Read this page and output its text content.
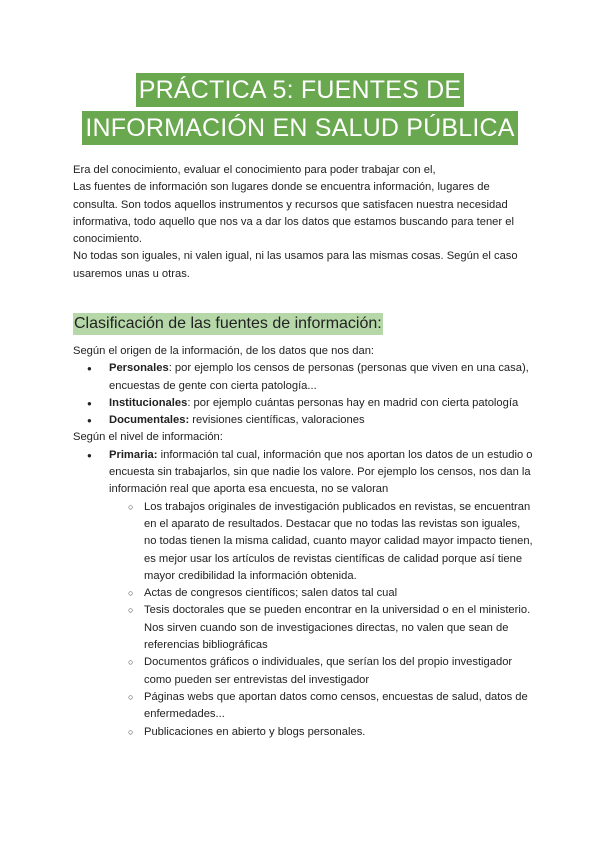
PRÁCTICA 5: FUENTES DE
INFORMACIÓN EN SALUD PÚBLICA

Era del conocimiento, evaluar el conocimiento para poder trabajar con el,

Las fuentes de información son lugares donde se encuentra información, lugares de consulta. Son todos aquellos instrumentos y recursos que satisfacen nuestra necesidad informativa, todo aquello que nos va a dar los datos que estamos buscando para tener el conocimiento.

No todas son iguales, ni valen igual, ni las usamos para las mismas cosas. Según el caso usaremos unas u otras.

Clasificación de las fuentes de información:

Según el origen de la información, de los datos que nos dan:

● Personales: por ejemplo los censos de personas (personas que viven en una casa), encuestas de gente con cierta patología...
● Institucionales: por ejemplo cuántas personas hay en madrid con cierta patología
● Documentales: revisiones científicas, valoraciones

Según el nivel de información:

● Primaria: información tal cual, información que nos aportan los datos de un estudio o encuesta sin trabajarlos, sin que nadie los valore. Por ejemplo los censos, nos dan la información real que aporta esa encuesta, no se valoran
○ Los trabajos originales de investigación publicados en revistas, se encuentran en el aparato de resultados. Destacar que no todas las revistas son iguales, no todas tienen la misma calidad, cuanto mayor calidad mayor impacto tienen, es mejor usar los artículos de revistas científicas de calidad porque así tiene mayor credibilidad la información obtenida.
○ Actas de congresos científicos; salen datos tal cual
○ Tesis doctorales que se pueden encontrar en la universidad o en el ministerio. Nos sirven cuando son de investigaciones directas, no valen que sean de referencias bibliográficas
○ Documentos gráficos o individuales, que serían los del propio investigador como pueden ser entrevistas del investigador
○ Páginas webs que aportan datos como censos, encuestas de salud, datos de enfermedades...
○ Publicaciones en abierto y blogs personales.
